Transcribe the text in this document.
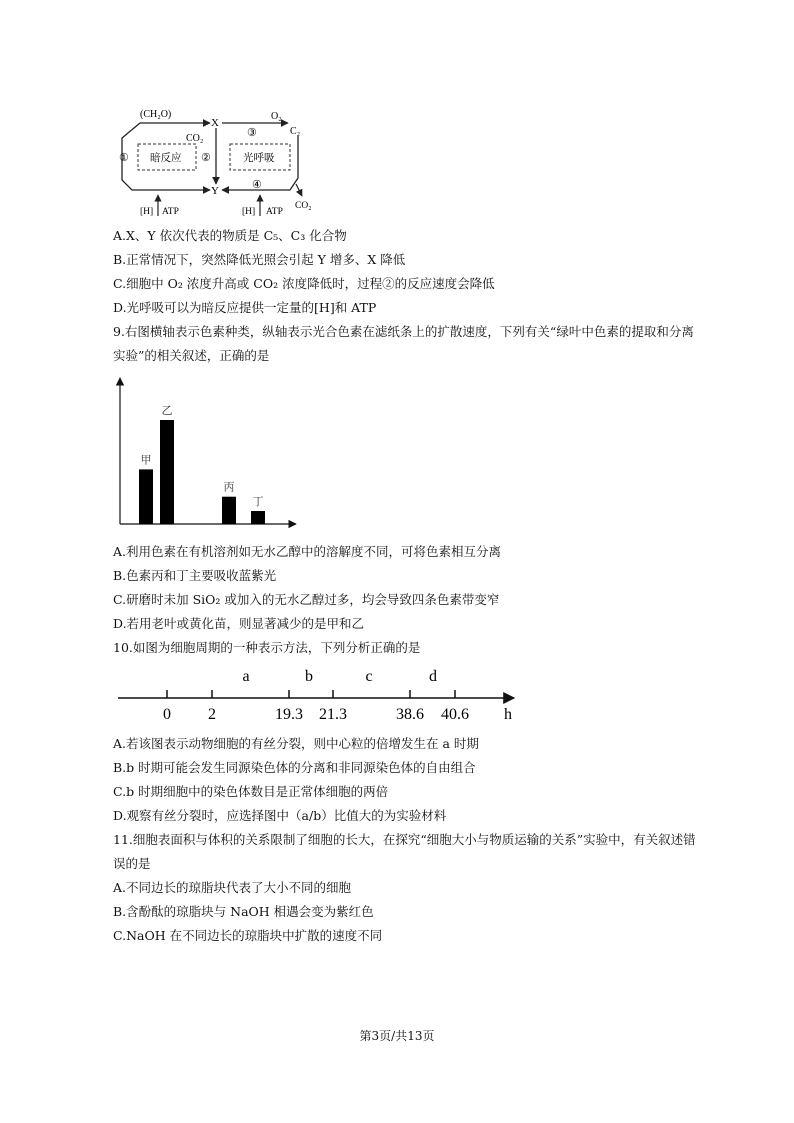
(CH₂O)
X
Y
CO₂
O₂
C₂
①	②
③
④
暗反应	光呼吸
[H] ATP	[H] ATP
CO₂
A.X、Y 依次代表的物质是 C₅、C₃ 化合物
B.正常情况下，突然降低光照会引起 Y 增多、X 降低
C.细胞中 O₂ 浓度升高或 CO₂ 浓度降低时，过程②的反应速度会降低
D.光呼吸可以为暗反应提供一定量的[H]和 ATP
9.右图横轴表示色素种类，纵轴表示光合色素在滤纸条上的扩散速度，下列有关“绿叶中色素的提取和分离
实验”的相关叙述，正确的是
甲
乙
丙
丁
A.利用色素在有机溶剂如无水乙醇中的溶解度不同，可将色素相互分离
B.色素丙和丁主要吸收蓝紫光
C.研磨时未加 SiO₂ 或加入的无水乙醇过多，均会导致四条色素带变窄
D.若用老叶或黄化苗，则显著减少的是甲和乙
10.如图为细胞周期的一种表示方法，下列分析正确的是
a	b	c	d
0 2	19.3 21.3	38.6 40.6 h
A.若该图表示动物细胞的有丝分裂，则中心粒的倍增发生在 a 时期
B.b 时期可能会发生同源染色体的分离和非同源染色体的自由组合
C.b 时期细胞中的染色体数目是正常体细胞的两倍
D.观察有丝分裂时，应选择图中（a/b）比值大的为实验材料
11.细胞表面积与体积的关系限制了细胞的长大，在探究“细胞大小与物质运输的关系”实验中，有关叙述错
误的是
A.不同边长的琼脂块代表了大小不同的细胞
B.含酚酞的琼脂块与 NaOH 相遇会变为紫红色
C.NaOH 在不同边长的琼脂块中扩散的速度不同
第3页/共13页
